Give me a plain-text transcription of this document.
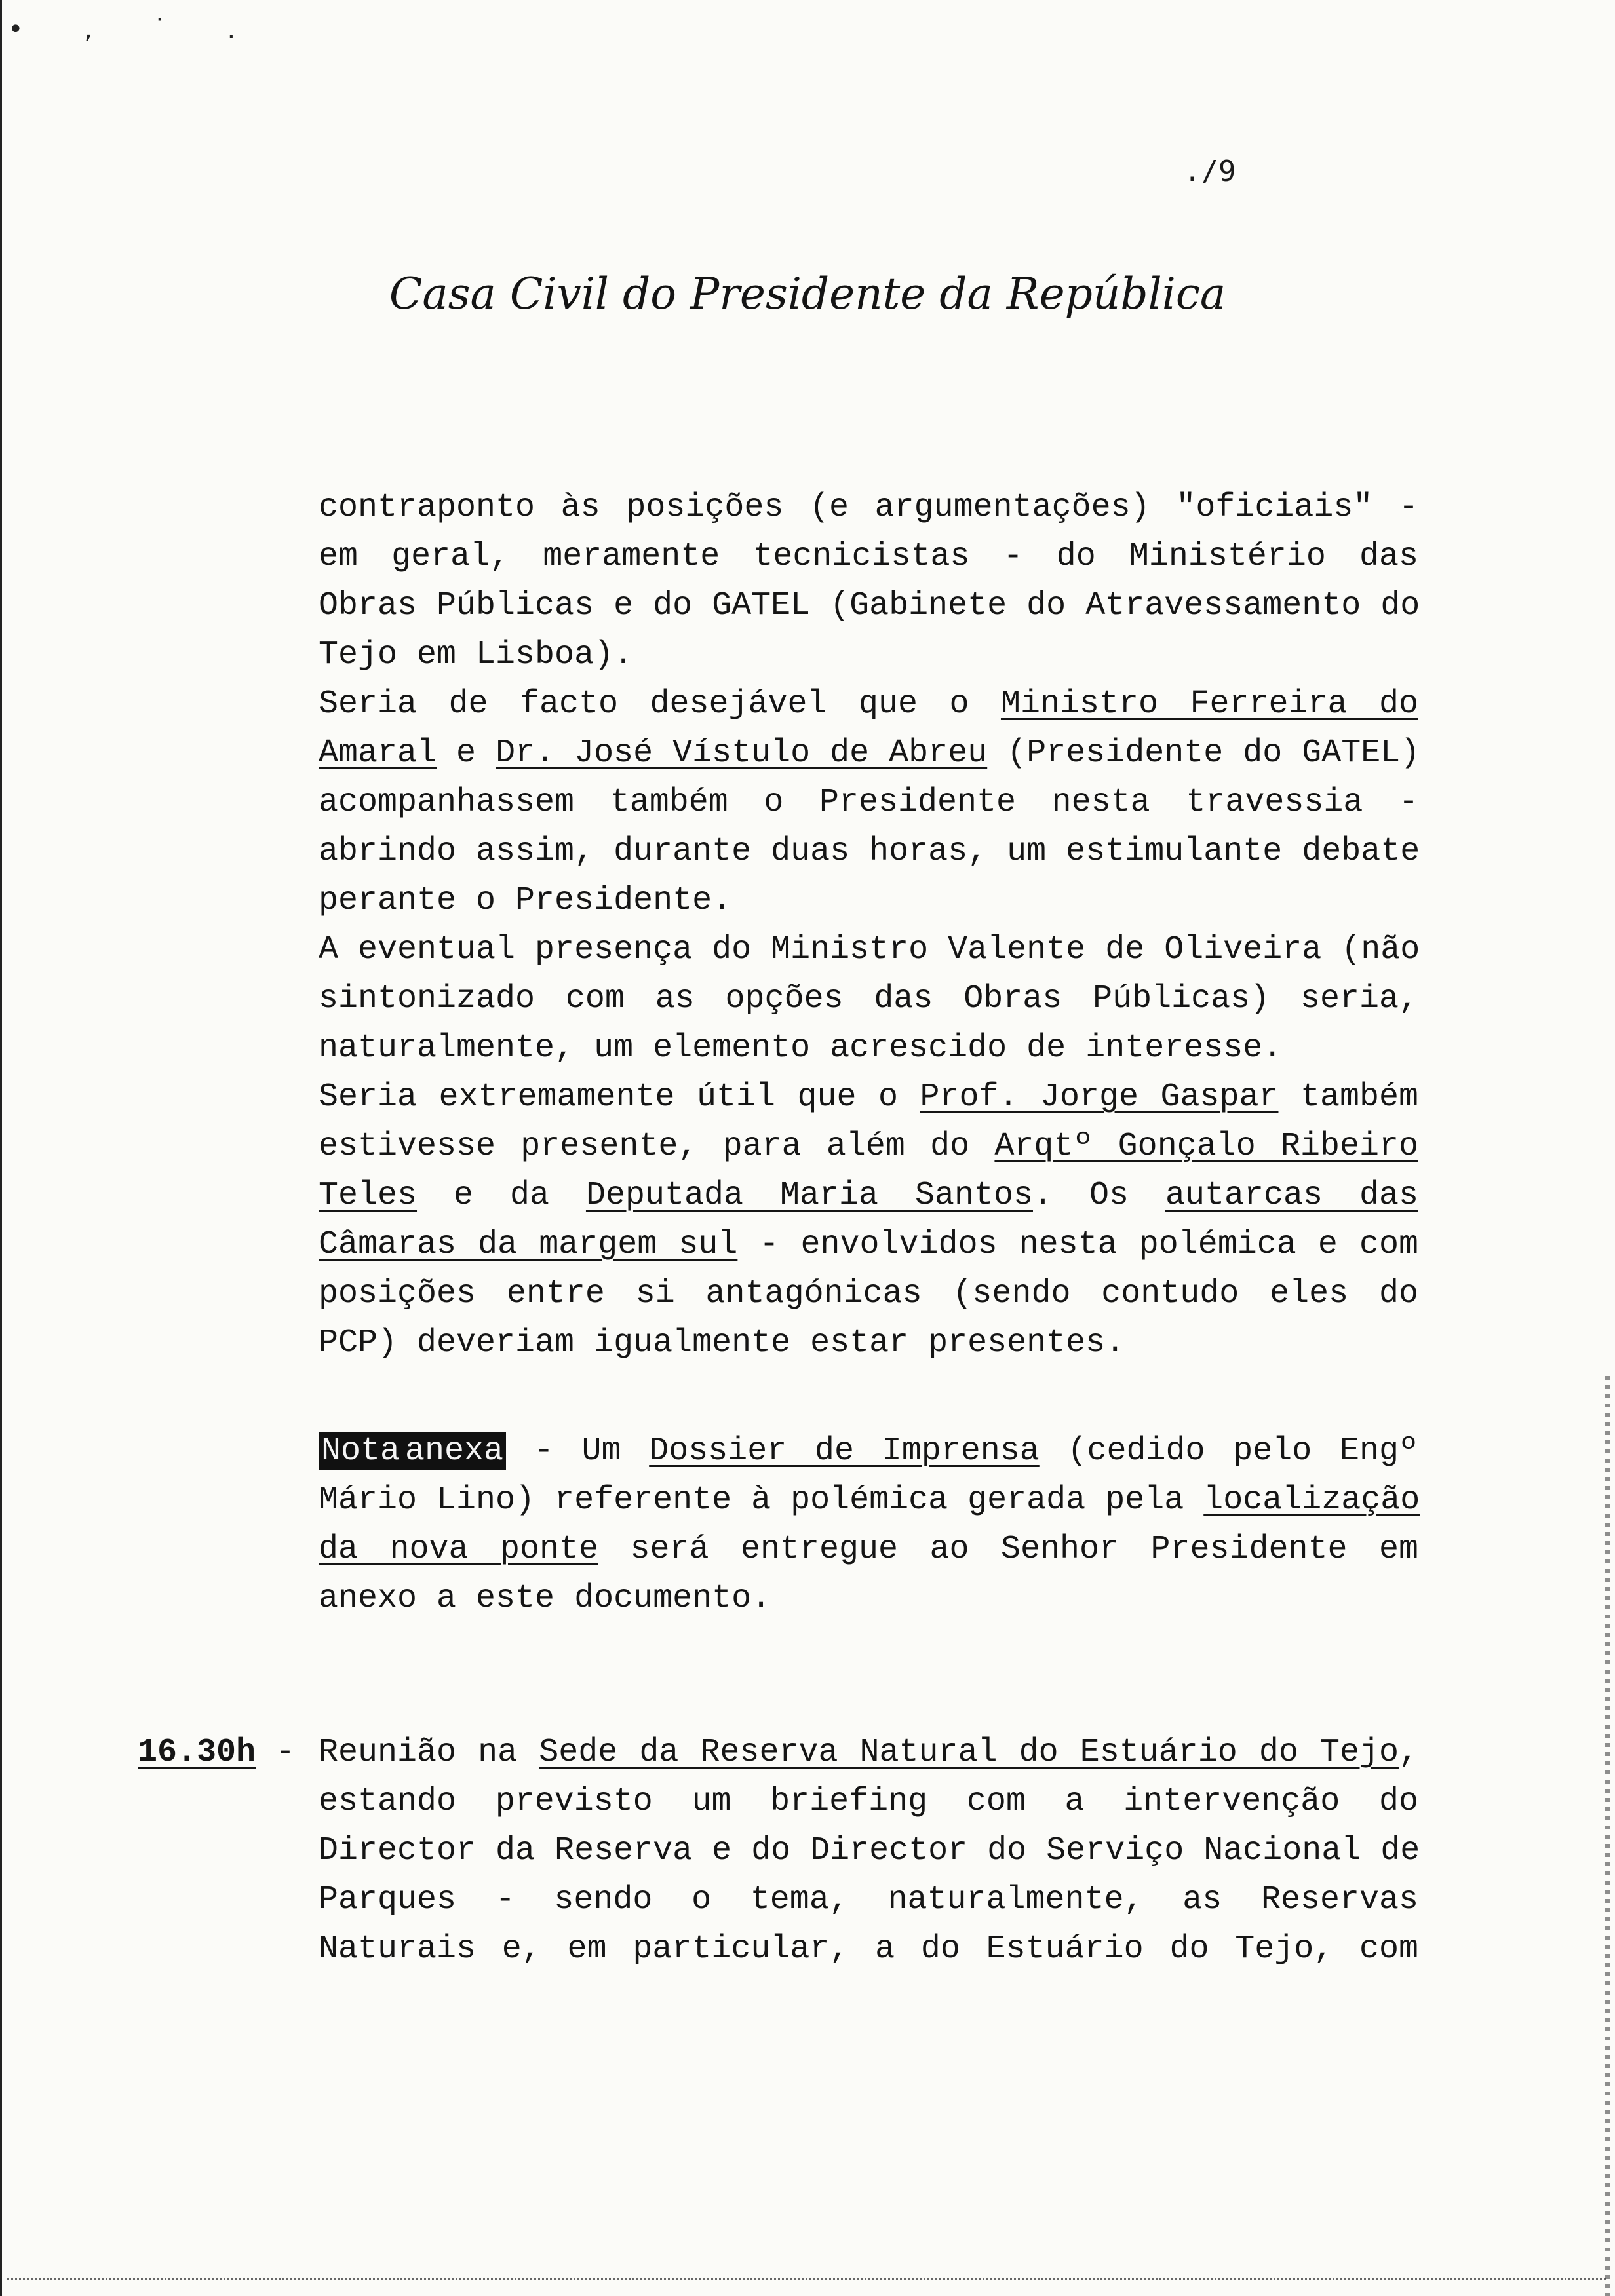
• , ˙ .
./9
Casa Civil do Presidente da República
contraponto às posições (e argumentações) "oficiais" -
em geral, meramente tecnicistas - do Ministério das
Obras Públicas e do GATEL (Gabinete do Atravessamento do
Tejo em Lisboa).
Seria de facto desejável que o Ministro Ferreira do
Amaral e Dr. José Vístulo de Abreu (Presidente do GATEL)
acompanhassem também o Presidente nesta travessia -
abrindo assim, durante duas horas, um estimulante debate
perante o Presidente.
A eventual presença do Ministro Valente de Oliveira (não
sintonizado com as opções das Obras Públicas) seria,
naturalmente, um elemento acrescido de interesse.
Seria extremamente útil que o Prof. Jorge Gaspar também
estivesse presente, para além do Arqtº Gonçalo Ribeiro
Teles e da Deputada Maria Santos. Os autarcas das
Câmaras da margem sul - envolvidos nesta polémica e com
posições entre si antagónicas (sendo contudo eles do
PCP) deveriam igualmente estar presentes.
Nota anexa - Um Dossier de Imprensa (cedido pelo Engº
Mário Lino) referente à polémica gerada pela localização
da nova ponte será entregue ao Senhor Presidente em
anexo a este documento.
16.30h - Reunião na Sede da Reserva Natural do Estuário do Tejo,
estando previsto um briefing com a intervenção do
Director da Reserva e do Director do Serviço Nacional de
Parques - sendo o tema, naturalmente, as Reservas
Naturais e, em particular, a do Estuário do Tejo, com
